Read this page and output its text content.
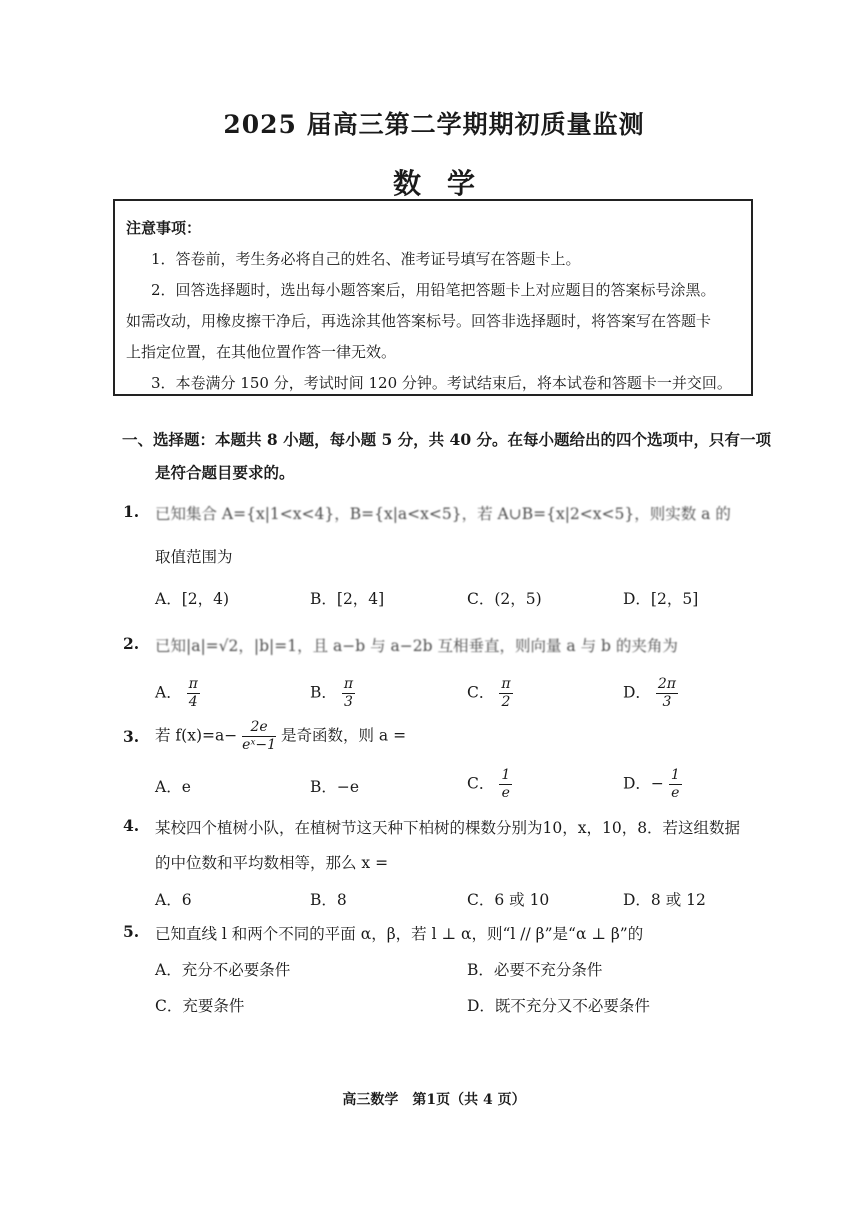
2025 届高三第二学期期初质量监测
数学
注意事项：
1．答卷前，考生务必将自己的姓名、准考证号填写在答题卡上。
2．回答选择题时，选出每小题答案后，用铅笔把答题卡上对应题目的答案标号涂黑。
如需改动，用橡皮擦干净后，再选涂其他答案标号。回答非选择题时，将答案写在答题卡
上指定位置，在其他位置作答一律无效。
3．本卷满分 150 分，考试时间 120 分钟。考试结束后，将本试卷和答题卡一并交回。
一、选择题：本题共 8 小题，每小题 5 分，共 40 分。在每小题给出的四个选项中，只有一项
是符合题目要求的。
1. 已知集合 A={x|1<x<4}，B={x|a<x<5}，若 A∪B={x|2<x<5}，则实数 a 的
取值范围为
A．[2，4)	B．[2，4]	C．(2，5)	D．[2，5]
2. 已知|a|=√2，|b|=1，且 a−b 与 a−2b 互相垂直，则向量 a 与 b 的夹角为
A． $\frac{\pi}{4}$	B． $\frac{\pi}{3}$	C． $\frac{\pi}{2}$	D． $\frac{2\pi}{3}$
3. 若 $f(x)=a- \frac{2e}{\text{eˣ−1}}$ 是奇函数，则 a =
A．e	B．−e	C． $\frac{1}{e}$	D．− $\frac{1}{e}$
4. 某校四个植树小队，在植树节这天种下柏树的棵数分别为10，x，10，8．若这组数据
的中位数和平均数相等，那么 x =
A．6	B．8	C．6 或 10	D．8 或 12
5. 已知直线 l 和两个不同的平面 α，β，若 l ⊥ α，则“l // β”是“α ⊥ β”的
A．充分不必要条件	B．必要不充分条件
C．充要条件	D．既不充分又不必要条件
高三数学　第1页（共 4 页）
